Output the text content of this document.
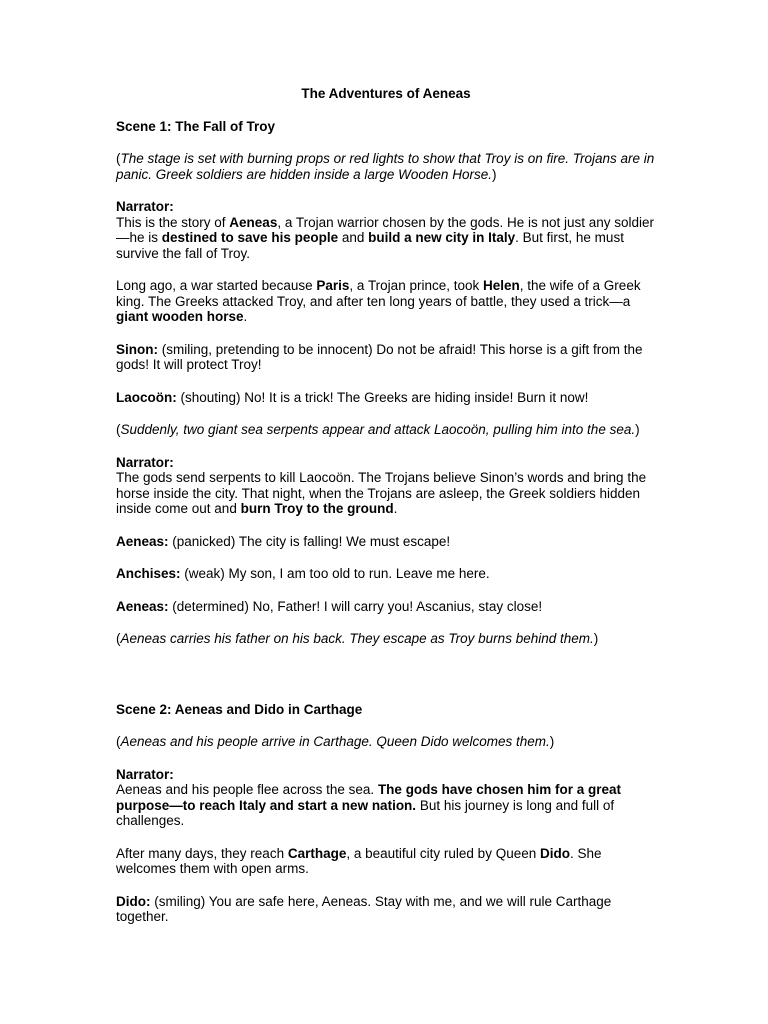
The Adventures of Aeneas
Scene 1: The Fall of Troy

(The stage is set with burning props or red lights to show that Troy is on fire. Trojans are in panic. Greek soldiers are hidden inside a large Wooden Horse.)

Narrator:
This is the story of Aeneas, a Trojan warrior chosen by the gods. He is not just any soldier—he is destined to save his people and build a new city in Italy. But first, he must survive the fall of Troy.

Long ago, a war started because Paris, a Trojan prince, took Helen, the wife of a Greek king. The Greeks attacked Troy, and after ten long years of battle, they used a trick—a giant wooden horse.

Sinon: (smiling, pretending to be innocent) Do not be afraid! This horse is a gift from the gods! It will protect Troy!

Laocoön: (shouting) No! It is a trick! The Greeks are hiding inside! Burn it now!

(Suddenly, two giant sea serpents appear and attack Laocoön, pulling him into the sea.)

Narrator:
The gods send serpents to kill Laocoön. The Trojans believe Sinon’s words and bring the horse inside the city. That night, when the Trojans are asleep, the Greek soldiers hidden inside come out and burn Troy to the ground.

Aeneas: (panicked) The city is falling! We must escape!

Anchises: (weak) My son, I am too old to run. Leave me here.

Aeneas: (determined) No, Father! I will carry you! Ascanius, stay close!

(Aeneas carries his father on his back. They escape as Troy burns behind them.)

Scene 2: Aeneas and Dido in Carthage

(Aeneas and his people arrive in Carthage. Queen Dido welcomes them.)

Narrator:
Aeneas and his people flee across the sea. The gods have chosen him for a great purpose—to reach Italy and start a new nation. But his journey is long and full of challenges.

After many days, they reach Carthage, a beautiful city ruled by Queen Dido. She welcomes them with open arms.

Dido: (smiling) You are safe here, Aeneas. Stay with me, and we will rule Carthage together.
